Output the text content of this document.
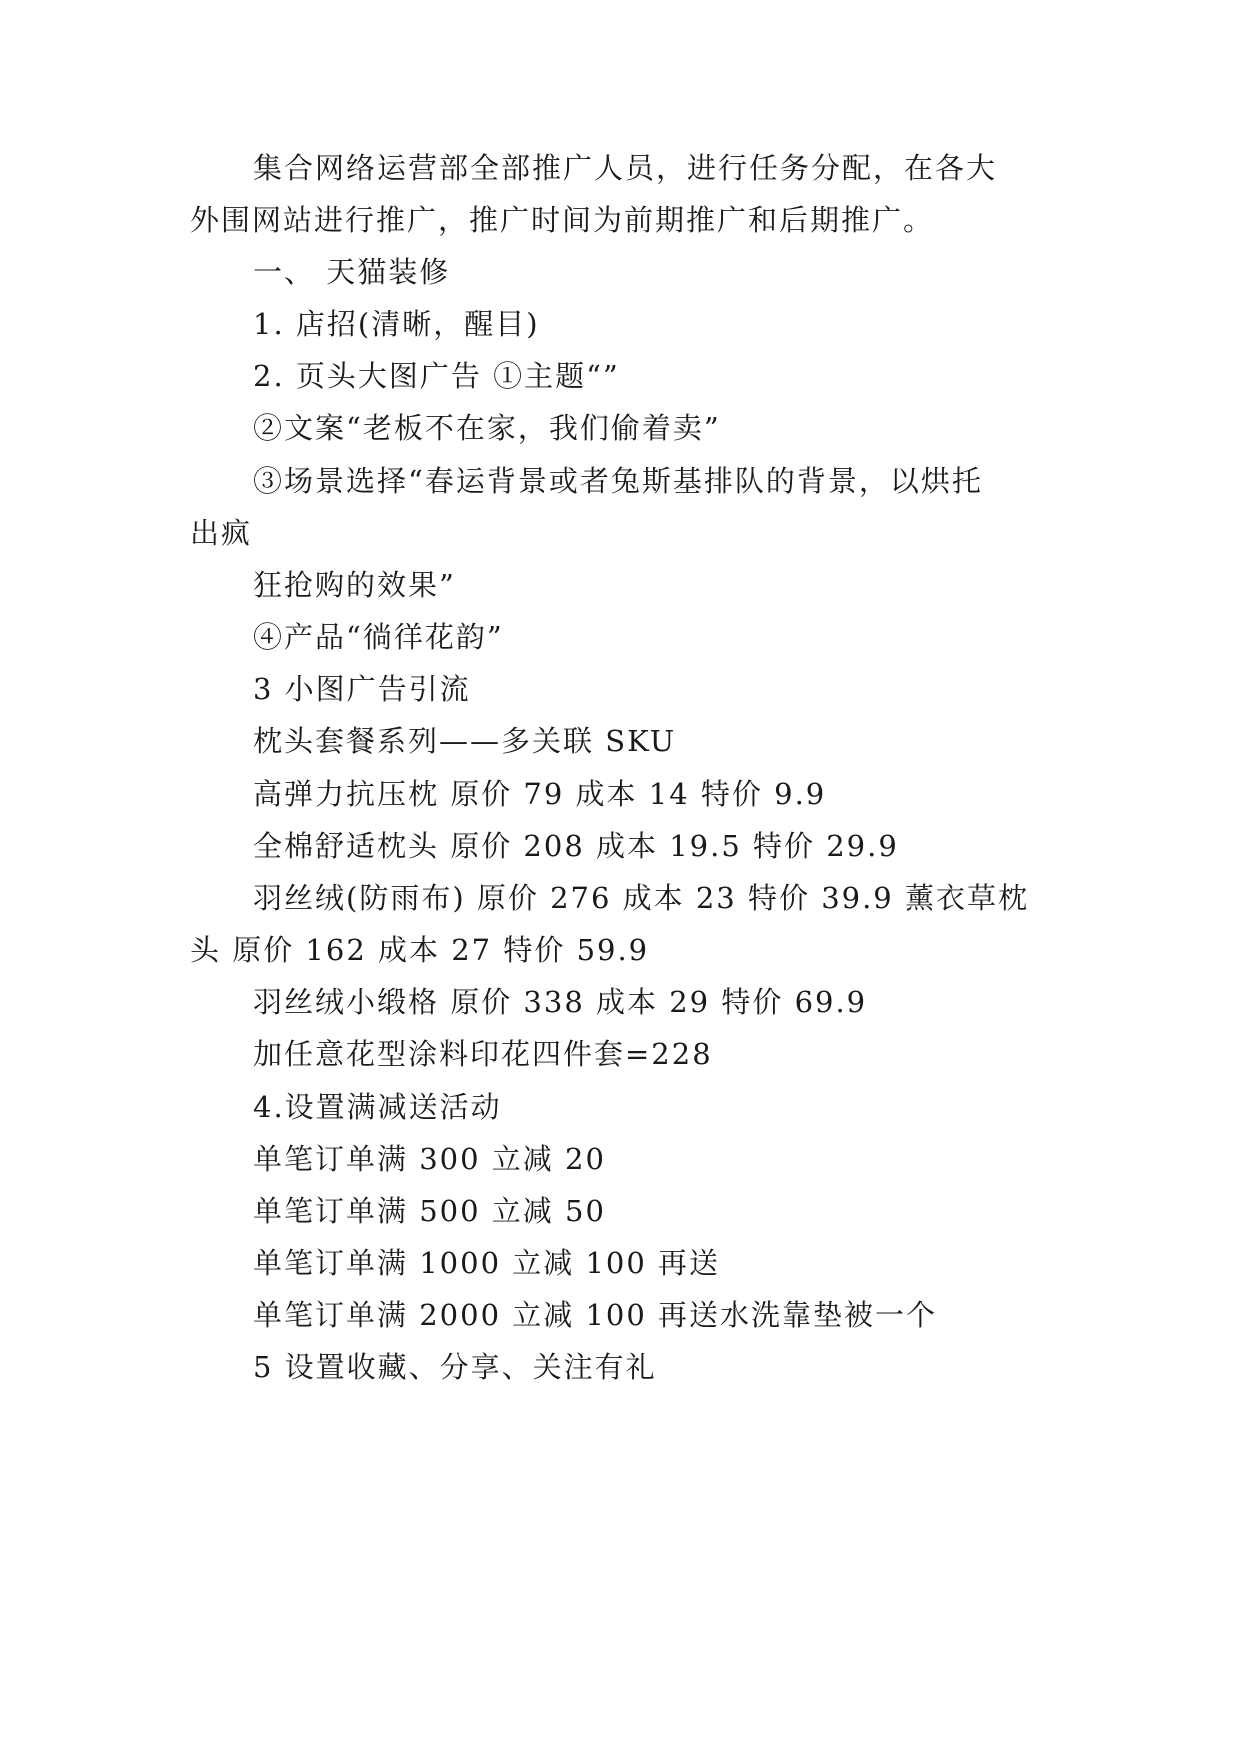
集合网络运营部全部推广人员，进行任务分配，在各大
外围网站进行推广，推广时间为前期推广和后期推广。
一、 天猫装修
1. 店招(清晰，醒目)
2. 页头大图广告 ①主题“”
②文案“老板不在家，我们偷着卖”
③场景选择“春运背景或者兔斯基排队的背景，以烘托
出疯
狂抢购的效果”
④产品“徜徉花韵”
3 小图广告引流
枕头套餐系列——多关联 SKU
高弹力抗压枕 原价 79 成本 14 特价 9.9
全棉舒适枕头 原价 208 成本 19.5 特价 29.9
羽丝绒(防雨布) 原价 276 成本 23 特价 39.9 薰衣草枕
头 原价 162 成本 27 特价 59.9
羽丝绒小缎格 原价 338 成本 29 特价 69.9
加任意花型涂料印花四件套=228
4.设置满减送活动
单笔订单满 300 立减 20
单笔订单满 500 立减 50
单笔订单满 1000 立减 100 再送
单笔订单满 2000 立减 100 再送水洗靠垫被一个
5 设置收藏、分享、关注有礼
